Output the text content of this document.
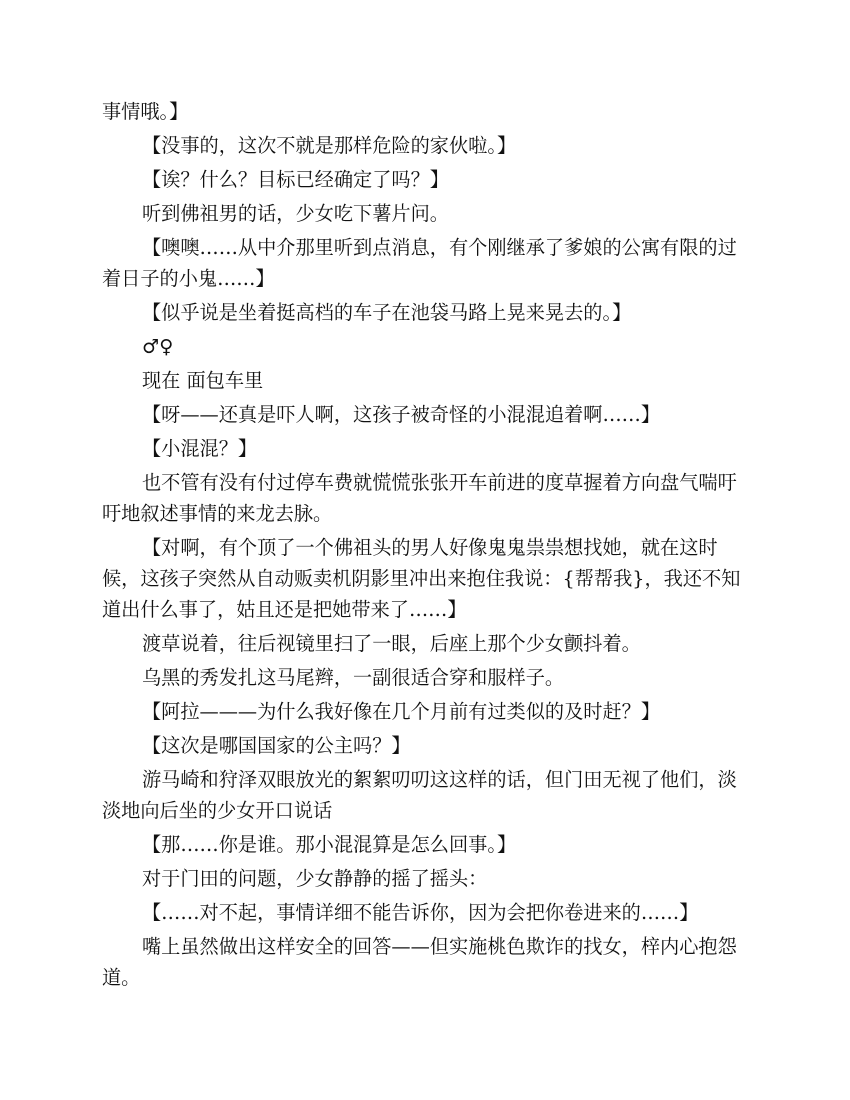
事情哦。】

【没事的，这次不就是那样危险的家伙啦。】

【诶？什么？目标已经确定了吗？】

听到佛祖男的话，少女吃下薯片问。

【噢噢……从中介那里听到点消息，有个刚继承了爹娘的公寓有限的过着日子的小鬼……】

【似乎说是坐着挺高档的车子在池袋马路上晃来晃去的。】

♂♀

现在 面包车里

【呀——还真是吓人啊，这孩子被奇怪的小混混追着啊……】

【小混混？】

也不管有没有付过停车费就慌慌张张开车前进的度草握着方向盘气喘吁吁地叙述事情的来龙去脉。

【对啊，有个顶了一个佛祖头的男人好像鬼鬼祟祟想找她，就在这时候，这孩子突然从自动贩卖机阴影里冲出来抱住我说：{帮帮我}，我还不知道出什么事了，姑且还是把她带来了……】

渡草说着，往后视镜里扫了一眼，后座上那个少女颤抖着。

乌黑的秀发扎这马尾辫，一副很适合穿和服样子。

【阿拉———为什么我好像在几个月前有过类似的及时赶？】

【这次是哪国国家的公主吗？】

游马崎和狩泽双眼放光的絮絮叨叨这这样的话，但门田无视了他们，淡淡地向后坐的少女开口说话

【那……你是谁。那小混混算是怎么回事。】

对于门田的问题，少女静静的摇了摇头：

【……对不起，事情详细不能告诉你，因为会把你卷进来的……】

嘴上虽然做出这样安全的回答——但实施桃色欺诈的找女，梓内心抱怨道。
